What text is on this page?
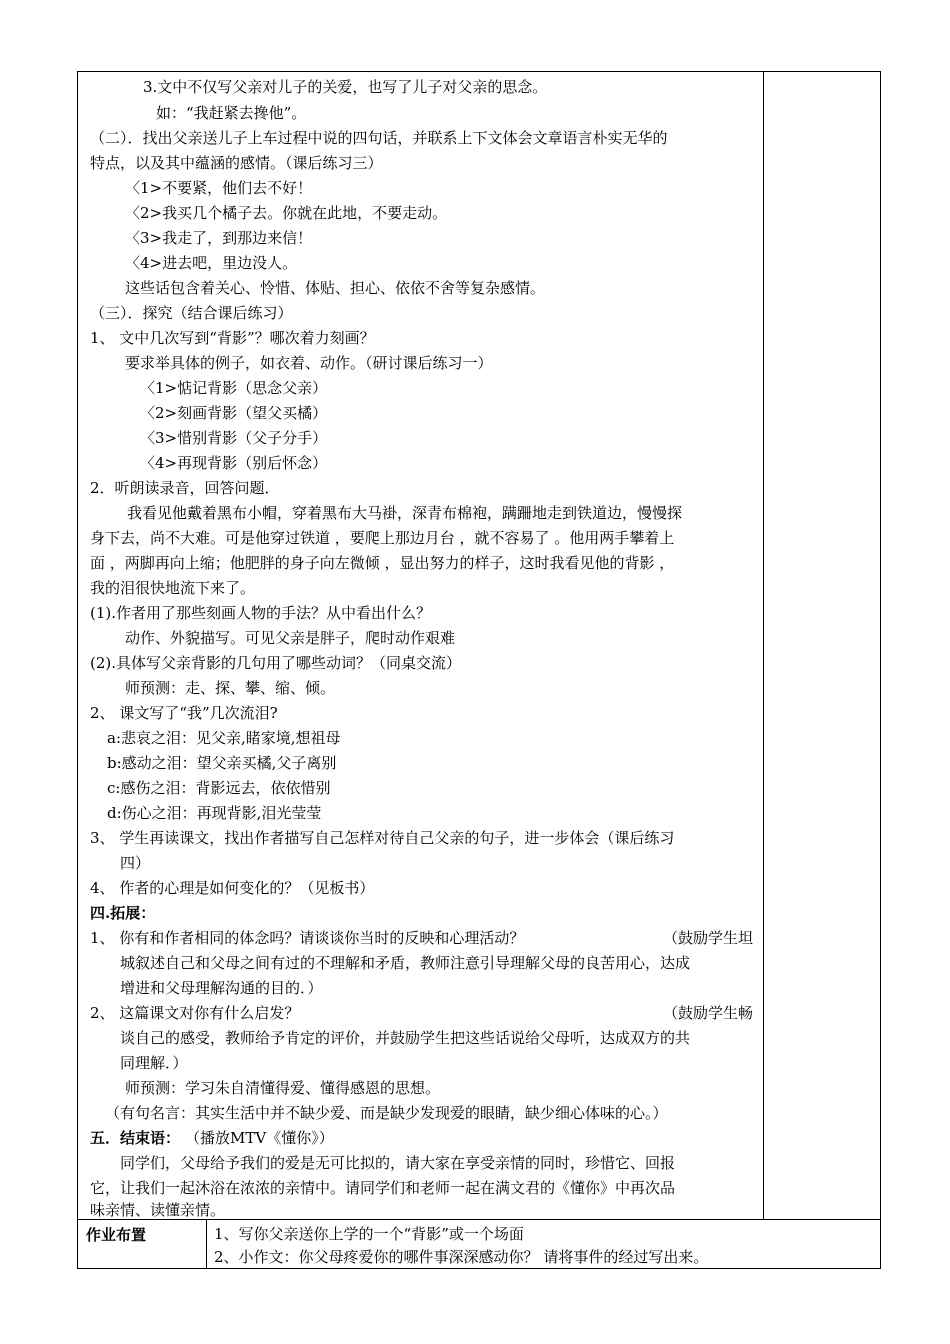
3.文中不仅写父亲对儿子的关爱，也写了儿子对父亲的思念。
如：“我赶紧去搀他”。
（二）．找出父亲送儿子上车过程中说的四句话，并联系上下文体会文章语言朴实无华的
特点，以及其中蕴涵的感情。（课后练习三）
〈1>不要紧，他们去不好！
〈2>我买几个橘子去。你就在此地，不要走动。
〈3>我走了，到那边来信！
〈4>进去吧，里边没人。
这些话包含着关心、怜惜、体贴、担心、依依不舍等复杂感情。
（三）．探究（结合课后练习）
1、 文中几次写到“背影”？哪次着力刻画？
要求举具体的例子，如衣着、动作。（研讨课后练习一）
〈1>惦记背影（思念父亲）
〈2>刻画背影（望父买橘）
〈3>惜别背影（父子分手）
〈4>再现背影（别后怀念）
2．听朗读录音，回答问题．
我看见他戴着黑布小帽，穿着黑布大马褂，深青布棉袍，蹒跚地走到铁道边，慢慢探
身下去，尚不大难。可是他穿过铁道 ，要爬上那边月台 ，就不容易了 。他用两手攀着上
面 ，两脚再向上缩；他肥胖的身子向左微倾 ，显出努力的样子，这时我看见他的背影 ，
我的泪很快地流下来了。
(1).作者用了那些刻画人物的手法？从中看出什么？
动作、外貌描写。可见父亲是胖子，爬时动作艰难
(2).具体写父亲背影的几句用了哪些动词？（同桌交流）
师预测：走、探、攀、缩、倾。
2、 课文写了“我”几次流泪?
a:悲哀之泪：见父亲,睹家境,想祖母
b:感动之泪：望父亲买橘,父子离别
c:感伤之泪：背影远去，依依惜别
d:伤心之泪：再现背影,泪光莹莹
3、 学生再读课文，找出作者描写自己怎样对待自己父亲的句子，进一步体会（课后练习
四）
4、 作者的心理是如何变化的？（见板书）
四.拓展：
1、 你有和作者相同的体念吗？请谈谈你当时的反映和心理活动？	（鼓励学生坦
城叙述自己和父母之间有过的不理解和矛盾，教师注意引导理解父母的良苦用心，达成
增进和父母理解沟通的目的．）
2、 这篇课文对你有什么启发？	（鼓励学生畅
谈自己的感受，教师给予肯定的评价，并鼓励学生把这些话说给父母听，达成双方的共
同理解．）
师预测：学习朱自清懂得爱、懂得感恩的思想。
（有句名言：其实生活中并不缺少爱、而是缺少发现爱的眼睛，缺少细心体味的心。）
五．结束语： （播放MTV《懂你》）
同学们，父母给予我们的爱是无可比拟的，请大家在享受亲情的同时，珍惜它、回报
它，让我们一起沐浴在浓浓的亲情中。请同学们和老师一起在满文君的《懂你》中再次品
味亲情、读懂亲情。
作业布置	1、写你父亲送你上学的一个“背影”或一个场面
2、小作文：你父母疼爱你的哪件事深深感动你？ 请将事件的经过写出来。
